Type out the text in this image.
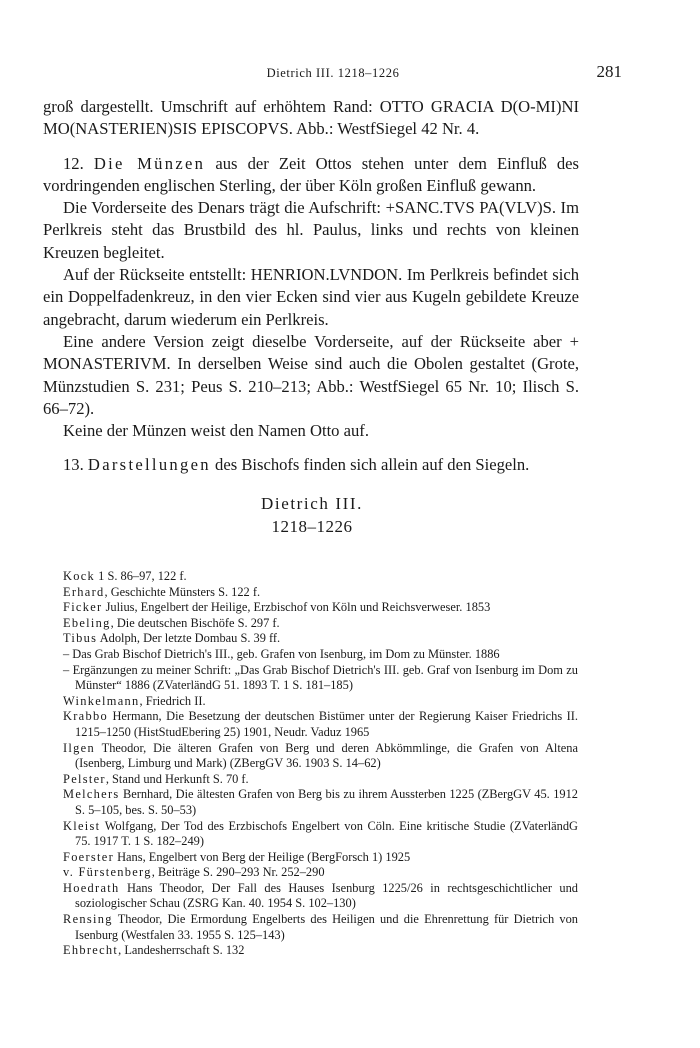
Dietrich III. 1218–1226	281

groß dargestellt. Umschrift auf erhöhtem Rand: OTTO GRACIA D(O-MI)NI MO(NASTERIEN)SIS EPISCOPVS. Abb.: WestfSiegel 42 Nr. 4.

12. Die Münzen aus der Zeit Ottos stehen unter dem Einfluß des vordringenden englischen Sterling, der über Köln großen Einfluß gewann.

Die Vorderseite des Denars trägt die Aufschrift: +SANC.TVS PA(VLV)S. Im Perlkreis steht das Brustbild des hl. Paulus, links und rechts von kleinen Kreuzen begleitet.

Auf der Rückseite entstellt: HENRION.LVNDON. Im Perlkreis befindet sich ein Doppelfadenkreuz, in den vier Ecken sind vier aus Kugeln gebildete Kreuze angebracht, darum wiederum ein Perlkreis.

Eine andere Version zeigt dieselbe Vorderseite, auf der Rückseite aber + MONASTERIVM. In derselben Weise sind auch die Obolen gestaltet (Grote, Münzstudien S. 231; Peus S. 210–213; Abb.: WestfSiegel 65 Nr. 10; Ilisch S. 66–72).

Keine der Münzen weist den Namen Otto auf.

13. Darstellungen des Bischofs finden sich allein auf den Siegeln.

Dietrich III.
1218–1226
Kock 1 S. 86–97, 122 f.
Erhard, Geschichte Münsters S. 122 f.
Ficker Julius, Engelbert der Heilige, Erzbischof von Köln und Reichsverweser. 1853
Ebeling, Die deutschen Bischöfe S. 297 f.
Tibus Adolph, Der letzte Dombau S. 39 ff.
– Das Grab Bischof Dietrich's III., geb. Grafen von Isenburg, im Dom zu Münster. 1886
– Ergänzungen zu meiner Schrift: „Das Grab Bischof Dietrich's III. geb. Graf von Isenburg im Dom zu Münster“ 1886 (ZVaterländG 51. 1893 T. 1 S. 181–185)
Winkelmann, Friedrich II.
Krabbo Hermann, Die Besetzung der deutschen Bistümer unter der Regierung Kaiser Friedrichs II. 1215–1250 (HistStudEbering 25) 1901, Neudr. Vaduz 1965
Ilgen Theodor, Die älteren Grafen von Berg und deren Abkömmlinge, die Grafen von Altena (Isenberg, Limburg und Mark) (ZBergGV 36. 1903 S. 14–62)
Pelster, Stand und Herkunft S. 70 f.
Melchers Bernhard, Die ältesten Grafen von Berg bis zu ihrem Aussterben 1225 (ZBergGV 45. 1912 S. 5–105, bes. S. 50–53)
Kleist Wolfgang, Der Tod des Erzbischofs Engelbert von Cöln. Eine kritische Studie (ZVaterländG 75. 1917 T. 1 S. 182–249)
Foerster Hans, Engelbert von Berg der Heilige (BergForsch 1) 1925
v. Fürstenberg, Beiträge S. 290–293 Nr. 252–290
Hoedrath Hans Theodor, Der Fall des Hauses Isenburg 1225/26 in rechtsgeschichtlicher und soziologischer Schau (ZSRG Kan. 40. 1954 S. 102–130)
Rensing Theodor, Die Ermordung Engelberts des Heiligen und die Ehrenrettung für Dietrich von Isenburg (Westfalen 33. 1955 S. 125–143)
Ehbrecht, Landesherrschaft S. 132
